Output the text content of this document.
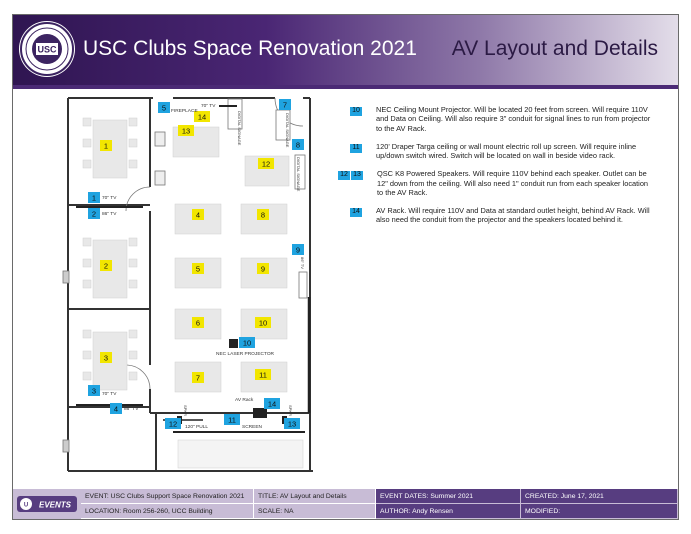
USC USC Clubs Space Renovation 2021 AV Layout and Details
1
2
3
4
5
6
7
8
9
10
11
12
13
14
1
2
3
4
5	7
8
9
10
11
12	13
14
70" TV
FIREPLACE
70" TV
86" TV
70" TV
86" TV
NEC LASER PROJECTOR
AV Rack
120" PULL	SCREEN
DIGITAL SIGNAGE	DIGITAL SIGNAGE
DIGITAL SIGNAGE
86" TV
SPKR	SPKR
10	NEC Ceiling Mount Projector. Will be located 20 feet from screen. Will require 110V and Data on Ceiling. Will also require 3" conduit for signal lines to run from projector to the AV Rack.
11	120' Draper Targa ceiling or wall mount electric roll up screen. Will require inline up/down switch wired. Switch will be located on wall in beside video rack.
12 13	QSC K8 Powered Speakers. Will require 110V behind each speaker. Outlet can be 12" down from the ceiling. Will also need 1" conduit run from each speaker location to the AV Rack.
14	AV Rack. Will require 110V and Data at standard outlet height, behind AV Rack. Will also need the conduit from the projector and the speakers located behind it.
U EVENTS
EVENT: USC Clubs Support Space Renovation 2021
LOCATION: Room 256-260, UCC Building
TITLE: AV Layout and Details
SCALE: NA
EVENT DATES: Summer 2021
AUTHOR: Andy Rensen
CREATED: June 17, 2021
MODIFIED:
